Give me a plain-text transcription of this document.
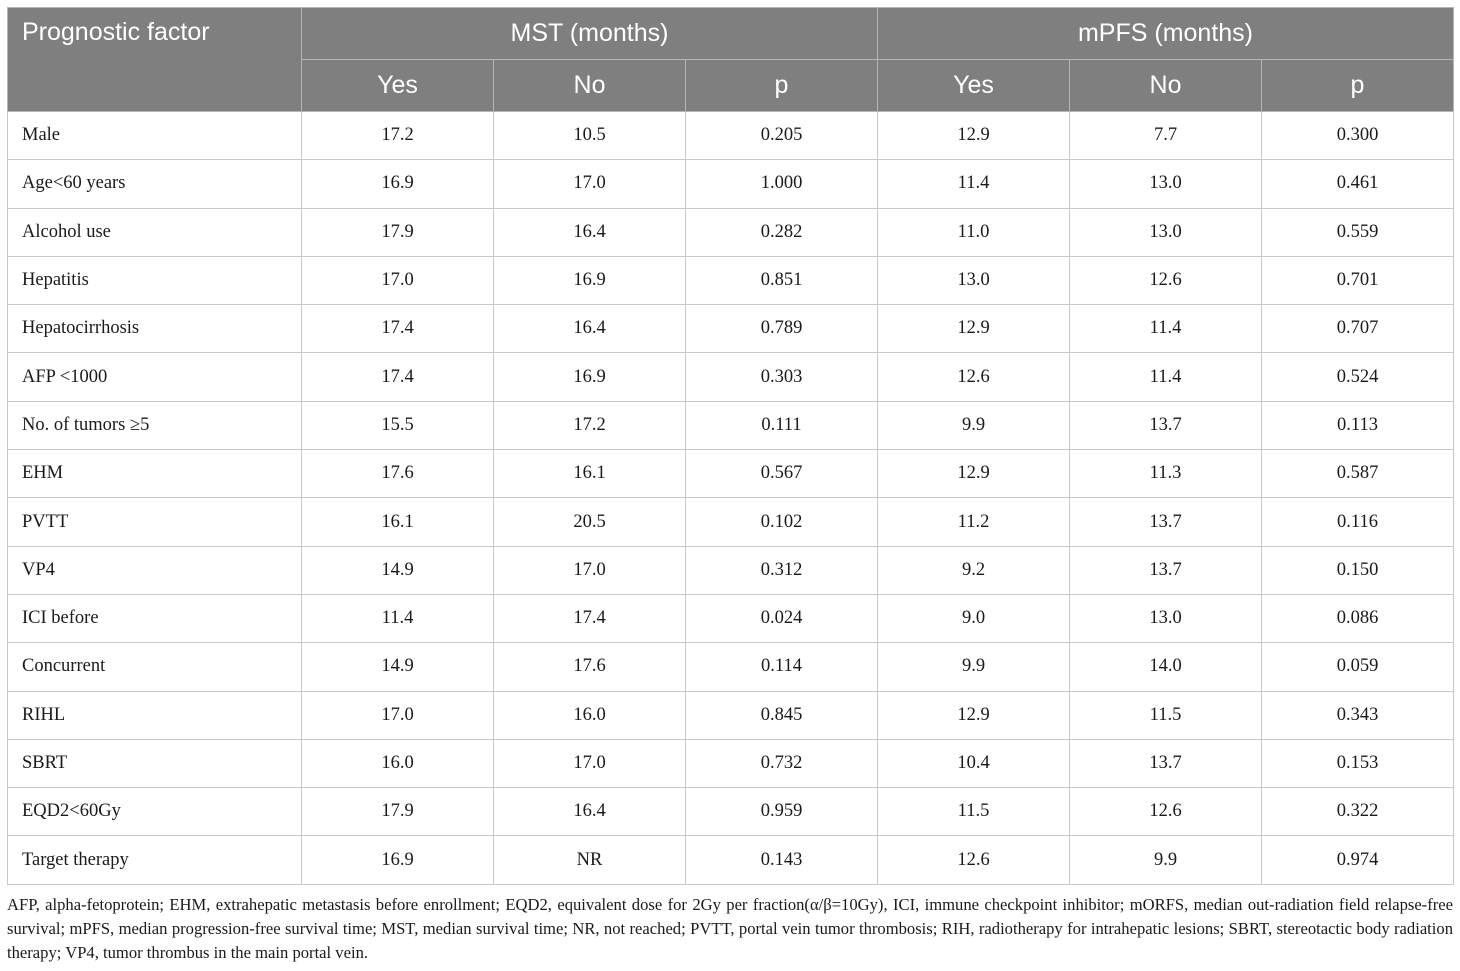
Prognostic factor	MST (months)			mPFS (months)		
	Yes	No	p	Yes	No	p
Male	17.2	10.5	0.205	12.9	7.7	0.300
Age<60 years	16.9	17.0	1.000	11.4	13.0	0.461
Alcohol use	17.9	16.4	0.282	11.0	13.0	0.559
Hepatitis	17.0	16.9	0.851	13.0	12.6	0.701
Hepatocirrhosis	17.4	16.4	0.789	12.9	11.4	0.707
AFP <1000	17.4	16.9	0.303	12.6	11.4	0.524
No. of tumors ≥5	15.5	17.2	0.111	9.9	13.7	0.113
EHM	17.6	16.1	0.567	12.9	11.3	0.587
PVTT	16.1	20.5	0.102	11.2	13.7	0.116
VP4	14.9	17.0	0.312	9.2	13.7	0.150
ICI before	11.4	17.4	0.024	9.0	13.0	0.086
Concurrent	14.9	17.6	0.114	9.9	14.0	0.059
RIHL	17.0	16.0	0.845	12.9	11.5	0.343
SBRT	16.0	17.0	0.732	10.4	13.7	0.153
EQD2<60Gy	17.9	16.4	0.959	11.5	12.6	0.322
Target therapy	16.9	NR	0.143	12.6	9.9	0.974
AFP, alpha-fetoprotein; EHM, extrahepatic metastasis before enrollment; EQD2, equivalent dose for 2Gy per fraction(α/β=10Gy), ICI, immune checkpoint inhibitor; mORFS, median out-radiation field relapse-free survival; mPFS, median progression-free survival time; MST, median survival time; NR, not reached; PVTT, portal vein tumor thrombosis; RIH, radiotherapy for intrahepatic lesions; SBRT, stereotactic body radiation therapy; VP4, tumor thrombus in the main portal vein.
